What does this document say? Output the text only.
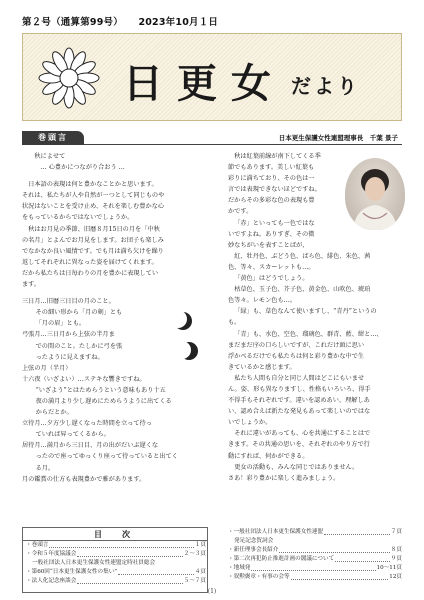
第２号（通算第99号） 2023年10月１日
日更女 だより
巻頭言	日本更生保護女性連盟理事長　千葉 景子

　　秋によせて

　　　… 心豊かにつながり合おう …

日本語の表現は何と豊かなことかと思います。

それは、私たちが人や自然が一つとして同じものや

状況はないことを受け止め、それを楽しむ豊かな心

をもっているからではないでしょうか。

秋はお月見の季節、旧暦８月15日の月を「中秋

の名月」とよんでお月見をします。お団子も楽しみ

でなかなか良い風情です。でも月は満ち欠けを繰り

返してそれぞれに異なった姿を届けてくれます。

だから私たちは日毎わりの月を豊かに表現してい

ます。

三日月…旧暦三日目の月のこと。

その細い形から「月の剣」とも

「月の眉」とも。

弓張月…三日月から上弦の半月ま

での間のこと。たしかに弓を張

ったように見えますね。

上弦の月（半月）

十六夜（いざよい）…ステキな響きですね。

“いざよう”とはためらうという意味もあり十五

夜の満月より少し遅めにためらうように出てくる

からだとか。

立待月…夕方少し遅くなった時間を立って待っ

ていれば昇ってくるから。

居待月…満月から三日目、月の出がだいぶ遅くな

ったので座ってゆっくり座って待っていると出てく

る月。

月の鑑賞の仕方も表現豊かで雅があります。

秋は紅葉前線が南下してくる季

節でもあります。美しい紅葉も

彩りに満ちており、その色は一

言では表現できないほどですね。

だからその多彩な色の表現も豊

かです。

「赤」といっても一色ではな

いですよね。ありすぎ、その微

妙なちがいを表すことばが、

紅、牡丹色、ぶどう色、ばら色、緋色、朱色、茜

色、等々、スカーレットも…。

「黄色」はどうでしょう。

枯草色、玉子色、芥子色、黄金色、山吹色、琥珀

色等々。レモン色も…。

「緑」も、草色なんて使いますし、“青丹”というの

も。

「青」も、水色、空色、瑠璃色、群青、藍、紺と…、

まだまだ序の口らしいですが、これだけ頭に思い

浮かべるだけでも私たちは何と彩り豊かな中で生

きているかと感じます。

私たち人間も自分と同じ人間はどこにもいませ

ん。姿、形も異なりますし、性格もいろいろ、得手

不得手もそれぞれです。違いを認めあい、理解しあ

い、認め合えば新たな発見もあって楽しいのではな

いでしょうか。

それに違いがあっても、心を共通にすることはで

きます。その共通の思いを、それぞれのやり方で行

動にすれば、何かができる。

更女の活動も、みんな同じではありません。

さあ！彩り豊かに楽しく進みましょう。

目　次
・巻頭言	１頁
・令和５年度協議会	２～３頁
一般社団法人日本更生保護女性連盟定時社員総会
・第60回“日本更生保護女性の集い”	４頁
・法人化記念座談会	５～７頁
・一般社団法人日本更生保護女性連盟	７頁
発足記念賀詞会
・新任理事会長紹介	８頁
・第二次再犯防止推進計画の閣議について	９頁
・地域発	10～11頁
・叙勲褒章・有事の会等	12頁
(1)
